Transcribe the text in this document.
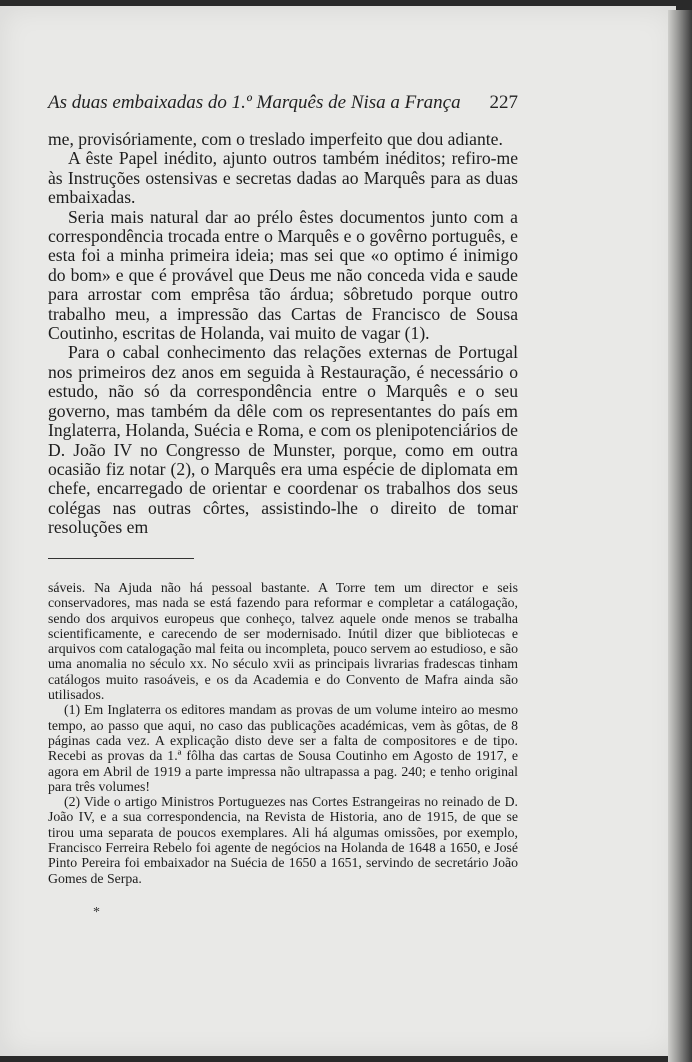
As duas embaixadas do 1.º Marquês de Nisa a França 227

me, provisóriamente, com o treslado imperfeito que dou adiante.

A êste Papel inédito, ajunto outros também inéditos; refiro-me às Instruções ostensivas e secretas dadas ao Marquês para as duas embaixadas.

Seria mais natural dar ao prélo êstes documentos junto com a correspondência trocada entre o Marquês e o govêrno português, e esta foi a minha primeira ideia; mas sei que «o optimo é inimigo do bom» e que é provável que Deus me não conceda vida e saude para arrostar com emprêsa tão árdua; sôbretudo porque outro trabalho meu, a impressão das Cartas de Francisco de Sousa Coutinho, escritas de Holanda, vai muito de vagar (1).

Para o cabal conhecimento das relações externas de Portugal nos primeiros dez anos em seguida à Restauração, é necessário o estudo, não só da correspondência entre o Marquês e o seu governo, mas também da dêle com os representantes do país em Inglaterra, Holanda, Suécia e Roma, e com os plenipotenciários de D. João IV no Congresso de Munster, porque, como em outra ocasião fiz notar (2), o Marquês era uma espécie de diplomata em chefe, encarregado de orientar e coordenar os trabalhos dos seus colégas nas outras côrtes, assistindo-lhe o direito de tomar resoluções em

sáveis. Na Ajuda não há pessoal bastante. A Torre tem um director e seis conservadores, mas nada se está fazendo para reformar e completar a catálogação, sendo dos arquivos europeus que conheço, talvez aquele onde menos se trabalha scientificamente, e carecendo de ser modernisado. Inútil dizer que bibliotecas e arquivos com catalogação mal feita ou incompleta, pouco servem ao estudioso, e são uma anomalia no século xx. No século xvii as principais livrarias fradescas tinham catálogos muito rasoáveis, e os da Academia e do Convento de Mafra ainda são utilisados.

(1) Em Inglaterra os editores mandam as provas de um volume inteiro ao mesmo tempo, ao passo que aqui, no caso das publicações académicas, vem às gôtas, de 8 páginas cada vez. A explicação disto deve ser a falta de compositores e de tipo. Recebi as provas da 1.ª fôlha das cartas de Sousa Coutinho em Agosto de 1917, e agora em Abril de 1919 a parte impressa não ultrapassa a pag. 240; e tenho original para três volumes!

(2) Vide o artigo Ministros Portuguezes nas Cortes Estrangeiras no reinado de D. João IV, e a sua correspondencia, na Revista de Historia, ano de 1915, de que se tirou uma separata de poucos exemplares. Ali há algumas omissões, por exemplo, Francisco Ferreira Rebelo foi agente de negócios na Holanda de 1648 a 1650, e José Pinto Pereira foi embaixador na Suécia de 1650 a 1651, servindo de secretário João Gomes de Serpa.

*
